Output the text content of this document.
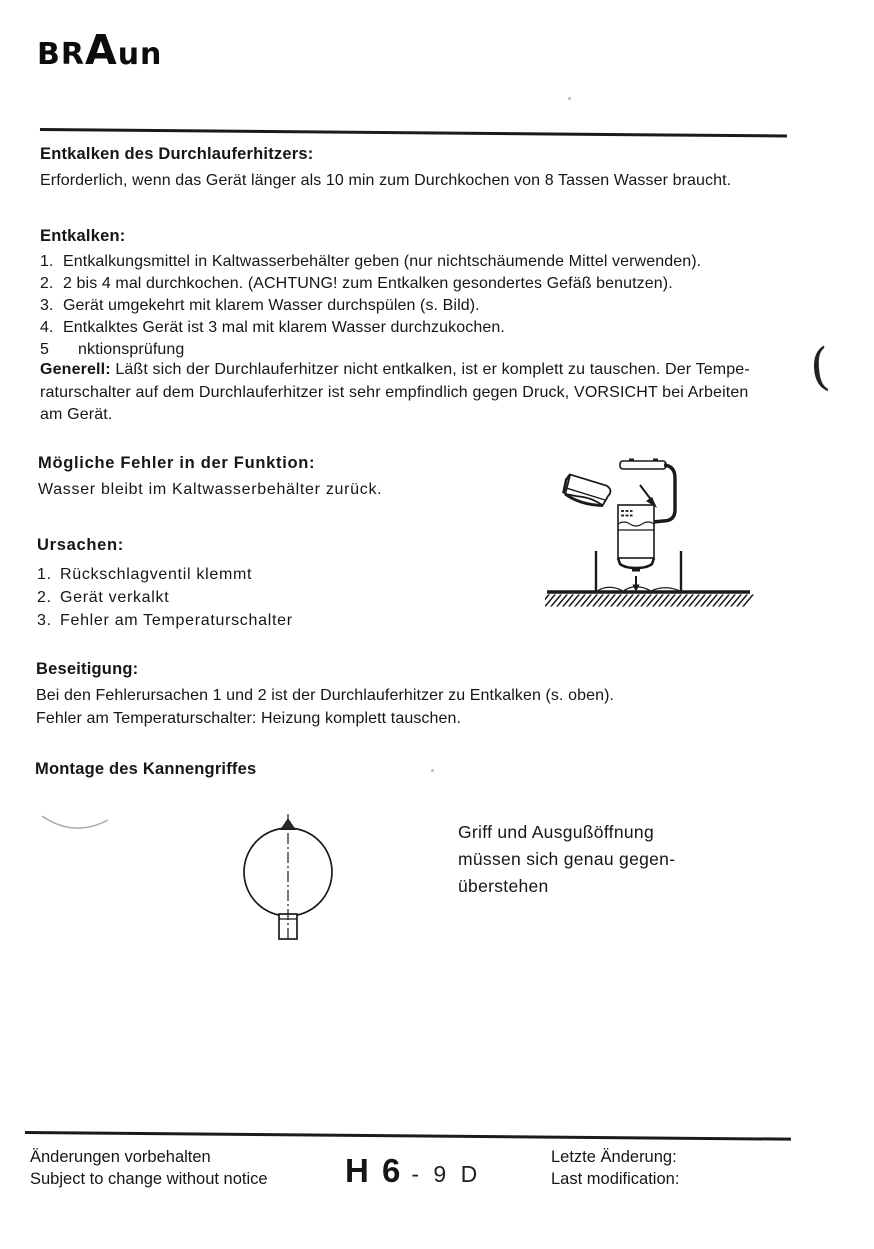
BR A un
Entkalken des Durchlauferhitzers:
Erforderlich, wenn das Gerät länger als 10 min zum Durchkochen von 8 Tassen Wasser braucht.
Entkalken:
1. Entkalkungsmittel in Kaltwasserbehälter geben (nur nichtschäumende Mittel verwenden).
2. 2 bis 4 mal durchkochen. (ACHTUNG! zum Entkalken gesondertes Gefäß benutzen).
3. Gerät umgekehrt mit klarem Wasser durchspülen (s. Bild).
4. Entkalktes Gerät ist 3 mal mit klarem Wasser durchzukochen.
5	nktionsprüfung
Generell: Läßt sich der Durchlauferhitzer nicht entkalken, ist er komplett zu tauschen. Der Tempe-
raturschalter auf dem Durchlauferhitzer ist sehr empfindlich gegen Druck, VORSICHT bei Arbeiten
am Gerät.
(
Mögliche Fehler in der Funktion:
Wasser bleibt im Kaltwasserbehälter zurück.
Ursachen:
1. Rückschlagventil klemmt
2. Gerät verkalkt
3. Fehler am Temperaturschalter
Beseitigung:
Bei den Fehlerursachen 1 und 2 ist der Durchlauferhitzer zu Entkalken (s. oben).
Fehler am Temperaturschalter: Heizung komplett tauschen.
Montage des Kannengriffes
Griff und Ausgußöffnung
müssen sich genau gegen-
überstehen
Änderungen vorbehalten
Subject to change without notice H 6 - 9 D
Letzte Änderung:
Last modification:
